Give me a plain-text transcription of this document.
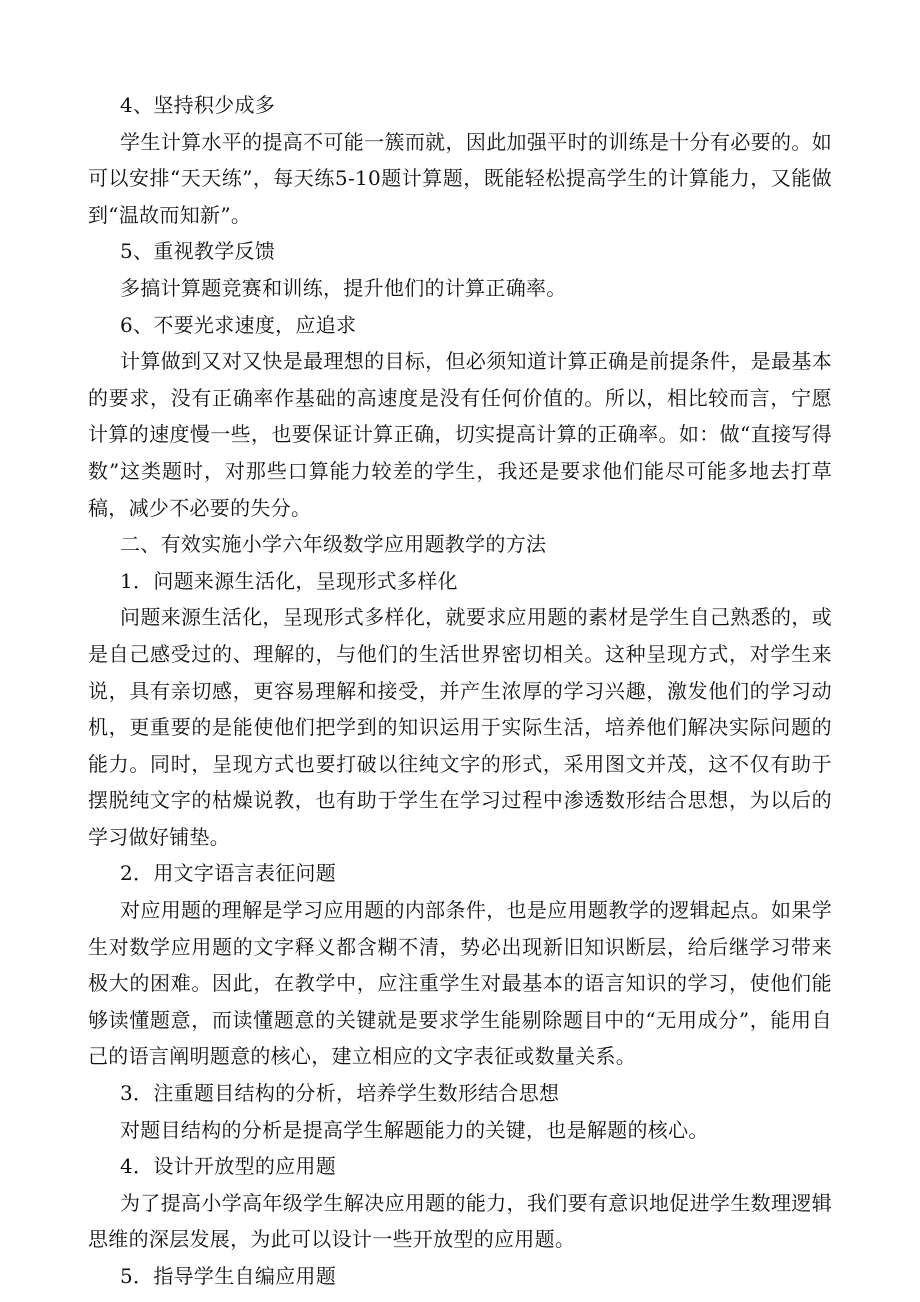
4、坚持积少成多

学生计算水平的提高不可能一簇而就，因此加强平时的训练是十分有必要的。如可以安排“天天练”，每天练5-10题计算题，既能轻松提高学生的计算能力，又能做到“温故而知新”。

5、重视教学反馈

多搞计算题竞赛和训练，提升他们的计算正确率。

6、不要光求速度，应追求

计算做到又对又快是最理想的目标，但必须知道计算正确是前提条件，是最基本的要求，没有正确率作基础的高速度是没有任何价值的。所以，相比较而言，宁愿计算的速度慢一些，也要保证计算正确，切实提高计算的正确率。如：做“直接写得数”这类题时，对那些口算能力较差的学生，我还是要求他们能尽可能多地去打草稿，减少不必要的失分。

二、有效实施小学六年级数学应用题教学的方法

1．问题来源生活化，呈现形式多样化

问题来源生活化，呈现形式多样化，就要求应用题的素材是学生自己熟悉的，或是自己感受过的、理解的，与他们的生活世界密切相关。这种呈现方式，对学生来说，具有亲切感，更容易理解和接受，并产生浓厚的学习兴趣，激发他们的学习动机，更重要的是能使他们把学到的知识运用于实际生活，培养他们解决实际问题的能力。同时，呈现方式也要打破以往纯文字的形式，采用图文并茂，这不仅有助于摆脱纯文字的枯燥说教，也有助于学生在学习过程中渗透数形结合思想，为以后的学习做好铺垫。

2．用文字语言表征问题

对应用题的理解是学习应用题的内部条件，也是应用题教学的逻辑起点。如果学生对数学应用题的文字释义都含糊不清，势必出现新旧知识断层，给后继学习带来极大的困难。因此，在教学中，应注重学生对最基本的语言知识的学习，使他们能够读懂题意，而读懂题意的关键就是要求学生能剔除题目中的“无用成分”，能用自己的语言阐明题意的核心，建立相应的文字表征或数量关系。

3．注重题目结构的分析，培养学生数形结合思想

对题目结构的分析是提高学生解题能力的关键，也是解题的核心。

4．设计开放型的应用题

为了提高小学高年级学生解决应用题的能力，我们要有意识地促进学生数理逻辑思维的深层发展，为此可以设计一些开放型的应用题。

5．指导学生自编应用题
